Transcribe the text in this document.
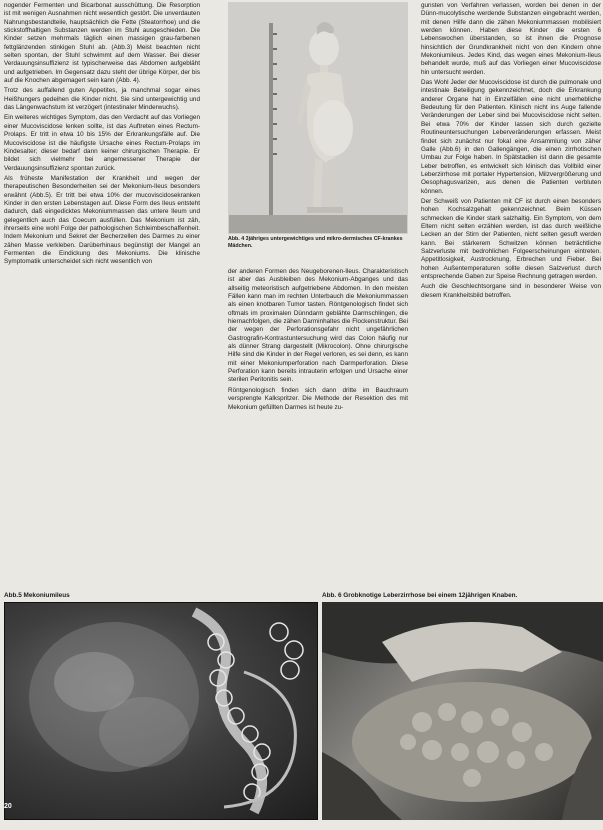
nogender Fermenten und Bicarbonat ausschüttung. Die Resorption ist mit wenigen Ausnahmen nicht wesentlich gestört. Die unverdauten Nahrungsbestandteile, hauptsächlich die Fette (Steatorrhoe) und die stickstoffhaltigen Substanzen werden im Stuhl ausgeschieden. Die Kinder setzen mehrmals täglich einen massigen grau-farbenen fettglänzenden stinkigen Stuhl ab. (Abb.3) Meist beachten nicht selten spontan, der Stuhl schwimmt auf dem Wasser. Bei dieser Verdauungsinsuffizienz ist typischerweise das Abdomen aufgebläht und aufgetrieben. Im Gegensatz dazu steht der übrige Körper, der bis auf die Knochen abgemagert sein kann (Abb. 4).

Trotz des auffallend guten Appetites, ja manchmal sogar eines Heißhungers gedeihen die Kinder nicht. Sie sind untergewichtig und das Längenwachstum ist verzögert (intestinaler Minderwuchs).

Ein weiteres wichtiges Symptom, das den Verdacht auf das Vorliegen einer Mucoviscidose lenken sollte, ist das Auftreten eines Rectum-Prolaps. Er tritt in etwa 10 bis 15% der Erkrankungsfälle auf. Die Mucoviscidose ist die häufigste Ursache eines Rectum-Prolaps im Kindesalter; dieser bedarf dann keiner chirurgischen Therapie. Er bildet sich vielmehr bei angemessener Therapie der Verdauungsinsuffizienz spontan zurück.

Als früheste Manifestation der Krankheit und wegen der therapeutischen Besonderheiten sei der Mekonium-Ileus besonders erwähnt (Abb.5). Er tritt bei etwa 10% der mucoviscidosekranken Kinder in den ersten Lebenstagen auf. Diese Form des Ileus entsteht dadurch, daß eingedicktes Mekoniummassen das untere Ileum und gelegentlich auch das Coecum ausfüllen. Das Mekonium ist zäh, ihrerseits eine wohl Folge der pathologischen Schleimbeschaffenheit. Indem Mekonium und Sekret der Becherzellen des Darmes zu einer zähen Masse verkleben. Darüberhinaus begünstigt der Mangel an Fermenten die Eindickung des Mekoniums. Die klinische Symptomatik unterscheidet sich nicht wesentlich von

Abb. 4 3jähriges untergewichtiges und mikro-dermisches CF-krankes Mädchen.

der anderen Formen des Neugeborenen-Ileus. Charakteristisch ist aber das Ausbleiben des Mekonium-Abganges und das allseitig meteoristisch aufgetriebene Abdomen. In den meisten Fällen kann man im rechten Unterbauch die Mekoniummassen als einen knotbaren Tumor tasten. Röntgenologisch findet sich oftmals im proximalen Dünndarm geblähte Darmschlingen, die hiernachfolgen, die zähen Darminhaltes die Flockenstruktur. Bei der wegen der Perforationsgefahr nicht ungefährlichen Gastrografin-Kontrastuntersuchung wird das Colon häufig nur als dünner Strang dargestellt (Mikrocolon). Ohne chirurgische Hilfe sind die Kinder in der Regel verloren, es sei denn, es kann mit einer Mekoniumperforation nach Darmperforation. Diese Perforation kann bereits intrauterin erfolgen und Ursache einer sterilen Peritonitis sein.

Röntgenologisch finden sich dann dritte im Bauchraum versprengte Kalkspritzer. Die Methode der Resektion des mit Mekonium gefüllten Darmes ist heute zu-

gunsten von Verfahren verlassen, worden bei denen in der Dünn-mucolytische werdende Substanzen eingebracht werden, mit denen Hilfe dann die zähen Mekoniummassen mobilisiert werden können. Haben diese Kinder die ersten 6 Lebenswochen überstanden, so ist ihnen die Prognose hinsichtlich der Grundkrankheit nicht von den Kindern ohne Mekoniumileus. Jedes Kind, das wegen eines Mekonium-Ileus behandelt wurde, muß auf das Vorliegen einer Mucoviscidose hin untersucht werden.

Das Wohl Jeder der Mucoviscidose ist durch die pulmonale und intestinale Beteiligung gekennzeichnet, doch die Erkrankung anderer Organe hat in Einzelfällen eine nicht unerhebliche Bedeutung für den Patienten. Klinisch nicht ins Auge fallende Veränderungen der Leber sind bei Mucoviscidose nicht selten. Bei etwa 70% der Kinder lassen sich durch gezielte Routineuntersuchungen Leberveränderungen erfassen. Meist findet sich zunächst nur fokal eine Ansammlung von zäher Galle (Abb.6) in den Gallengängen, die einen zirrhotischen Umbau zur Folge haben. In Spätstadien ist dann die gesamte Leber betroffen, es entwickelt sich klinisch das Vollbild einer Leberzirrhose mit portaler Hypertension, Milzvergrößerung und Oesophagusvarizen, aus denen die Patienten verbluten können.

Der Schweiß von Patienten mit CF ist durch einen besonders hohen Kochsalzgehalt gekennzeichnet. Beim Küssen schmecken die Kinder stark salzhaltig. Ein Symptom, von dem Eltern nicht selten erzählen werden, ist das durch weißliche Lecken an der Stirn der Patienten, nicht selten gesuft werden kann. Bei stärkerem Schwitzen können beträchtliche Salzverluste mit bedrohlichen Folgeerscheinungen eintreten. Appetitlosigkeit, Austrocknung, Erbrechen und Fieber. Bei hohen Außentemperaturen sollte diesen Salzverlust durch entsprechende Gaben zur Speise Rechnung getragen werden.

Auch die Geschlechtsorgane sind in besonderer Weise von diesem Krankheitsbild betroffen.

Abb.5 Mekoniumileus	Abb. 6 Grobknotige Leberzirrhose bei einem 12jährigen Knaben.
20
